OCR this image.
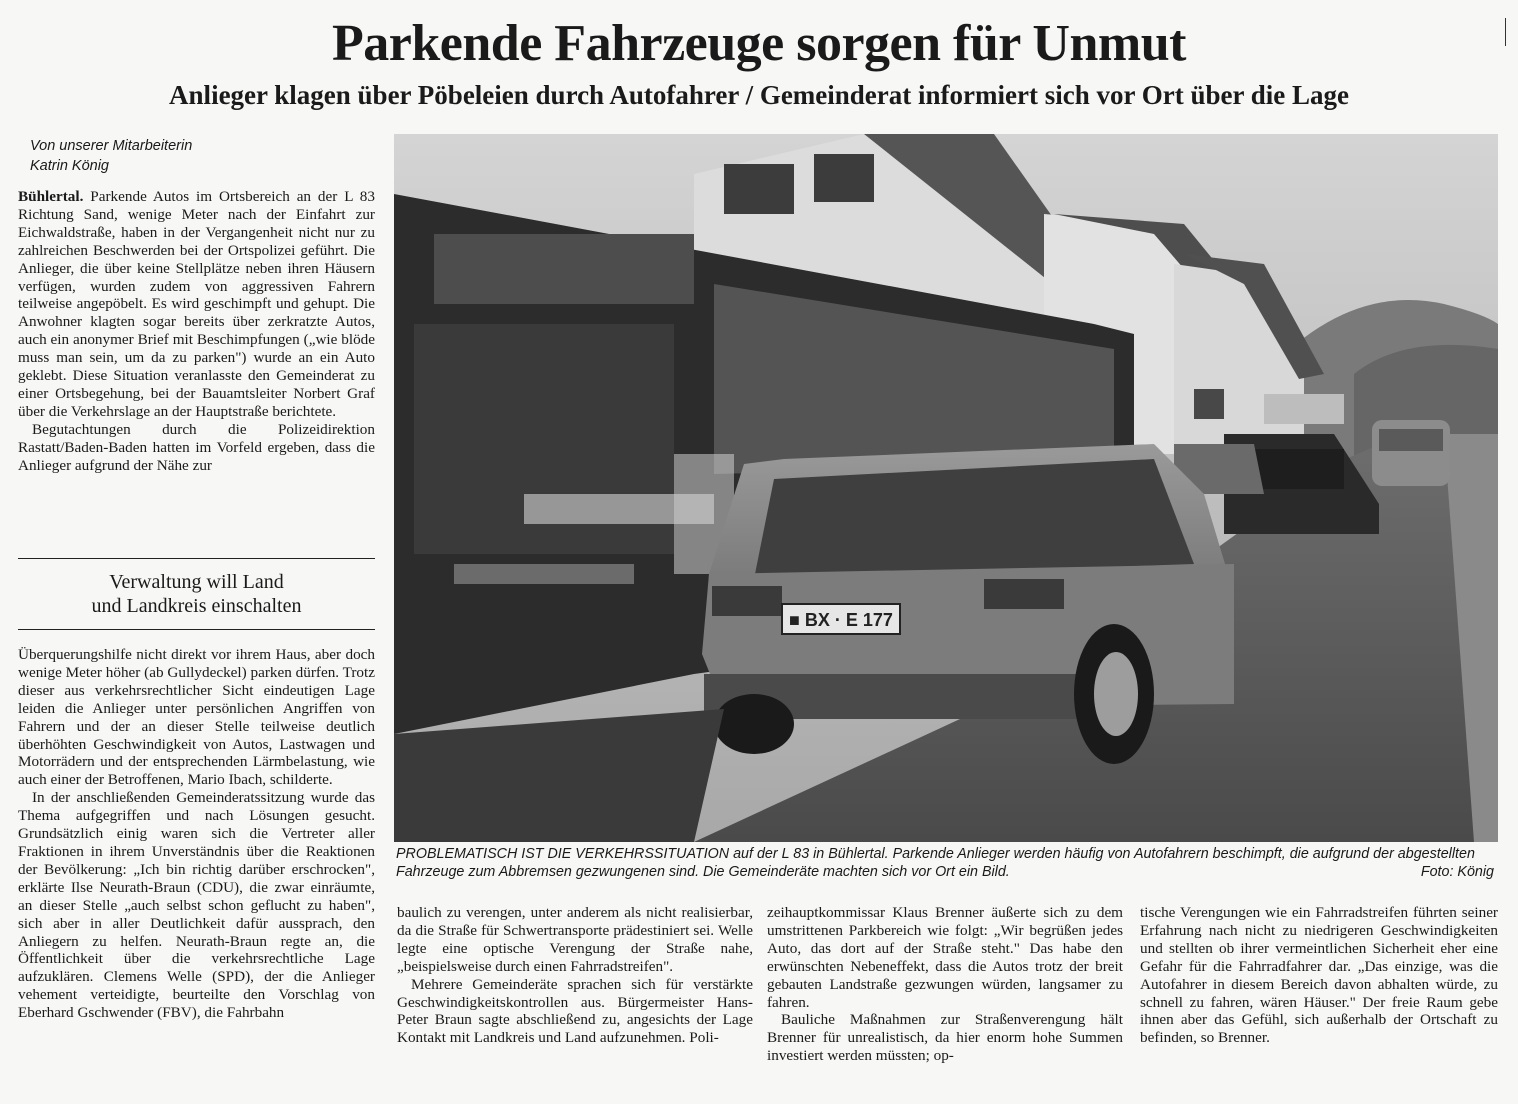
Parkende Fahrzeuge sorgen für Unmut
Anlieger klagen über Pöbeleien durch Autofahrer / Gemeinderat informiert sich vor Ort über die Lage
Von unserer Mitarbeiterin
Katrin König

Bühlertal. Parkende Autos im Ortsbereich an der L 83 Richtung Sand, wenige Meter nach der Einfahrt zur Eichwaldstraße, haben in der Vergangenheit nicht nur zu zahlreichen Beschwerden bei der Ortspolizei geführt. Die Anlieger, die über keine Stellplätze neben ihren Häusern verfügen, wurden zudem von aggressiven Fahrern teilweise angepöbelt. Es wird geschimpft und gehupt. Die Anwohner klagten sogar bereits über zerkratzte Autos, auch ein anonymer Brief mit Beschimpfungen („wie blöde muss man sein, um da zu parken") wurde an ein Auto geklebt. Diese Situation veranlasste den Gemeinderat zu einer Ortsbegehung, bei der Bauamtsleiter Norbert Graf über die Verkehrslage an der Hauptstraße berichtete.

Begutachtungen durch die Polizeidirektion Rastatt/Baden-Baden hatten im Vorfeld ergeben, dass die Anlieger aufgrund der Nähe zur

Verwaltung will Land
und Landkreis einschalten

Überquerungshilfe nicht direkt vor ihrem Haus, aber doch wenige Meter höher (ab Gullydeckel) parken dürfen. Trotz dieser aus verkehrsrechtlicher Sicht eindeutigen Lage leiden die Anlieger unter persönlichen Angriffen von Fahrern und der an dieser Stelle teilweise deutlich überhöhten Geschwindigkeit von Autos, Lastwagen und Motorrädern und der entsprechenden Lärmbelastung, wie auch einer der Betroffenen, Mario Ibach, schilderte.

In der anschließenden Gemeinderatssitzung wurde das Thema aufgegriffen und nach Lösungen gesucht. Grundsätzlich einig waren sich die Vertreter aller Fraktionen in ihrem Unverständnis über die Reaktionen der Bevölkerung: „Ich bin richtig darüber erschrocken", erklärte Ilse Neurath-Braun (CDU), die zwar einräumte, an dieser Stelle „auch selbst schon geflucht zu haben", sich aber in aller Deutlichkeit dafür aussprach, den Anliegern zu helfen. Neurath-Braun regte an, die Öffentlichkeit über die verkehrsrechtliche Lage aufzuklären. Clemens Welle (SPD), der die Anlieger vehement verteidigte, beurteilte den Vorschlag von Eberhard Gschwender (FBV), die Fahrbahn

■ BX · E 177
PROBLEMATISCH IST DIE VERKEHRSSITUATION auf der L 83 in Bühlertal. Parkende Anlieger werden häufig von Autofahrern beschimpft, die aufgrund der abgestellten Fahrzeuge zum Abbremsen gezwungenen sind. Die Gemeinderäte machten sich vor Ort ein Bild.	Foto: König

baulich zu verengen, unter anderem als nicht realisierbar, da die Straße für Schwertransporte prädestiniert sei. Welle legte eine optische Verengung der Straße nahe, „beispielsweise durch einen Fahrradstreifen".

Mehrere Gemeinderäte sprachen sich für verstärkte Geschwindigkeitskontrollen aus. Bürgermeister Hans-Peter Braun sagte abschließend zu, angesichts der Lage Kontakt mit Landkreis und Land aufzunehmen. Poli-

zeihauptkommissar Klaus Brenner äußerte sich zu dem umstrittenen Parkbereich wie folgt: „Wir begrüßen jedes Auto, das dort auf der Straße steht." Das habe den erwünschten Nebeneffekt, dass die Autos trotz der breit gebauten Landstraße gezwungen würden, langsamer zu fahren.

Bauliche Maßnahmen zur Straßenverengung hält Brenner für unrealistisch, da hier enorm hohe Summen investiert werden müssten; op-

tische Verengungen wie ein Fahrradstreifen führten seiner Erfahrung nach nicht zu niedrigeren Geschwindigkeiten und stellten ob ihrer vermeintlichen Sicherheit eher eine Gefahr für die Fahrradfahrer dar. „Das einzige, was die Autofahrer in diesem Bereich davon abhalten würde, zu schnell zu fahren, wären Häuser." Der freie Raum gebe ihnen aber das Gefühl, sich außerhalb der Ortschaft zu befinden, so Brenner.
